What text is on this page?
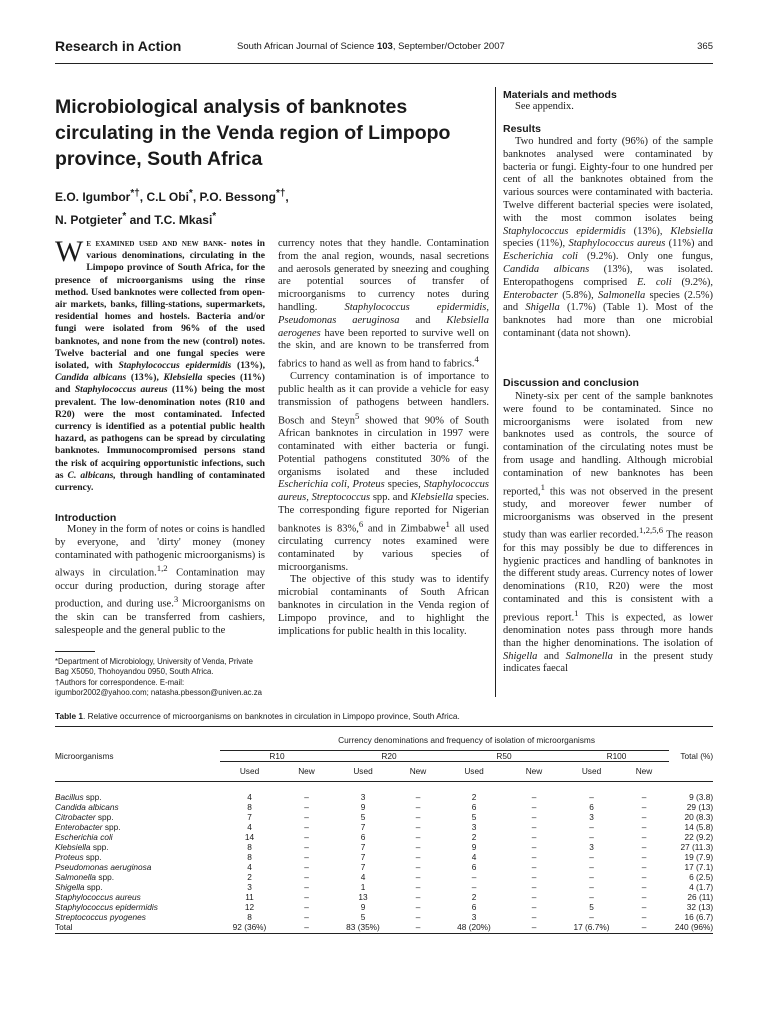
Research in Action	South African Journal of Science 103, September/October 2007	365
Microbiological analysis of banknotes circulating in the Venda region of Limpopo province, South Africa
E.O. Igumbor*†, C.L Obi*, P.O. Bessong*†,
N. Potgieter* and T.C. Mkasi*
We examined used and new bank- notes in various denominations, circulating in the Limpopo province of South Africa, for the presence of microorganisms using the rinse method. Used banknotes were collected from open-air markets, banks, filling-stations, supermarkets, residential homes and hostels. Bacteria and/or fungi were isolated from 96% of the used banknotes, and none from the new (control) notes. Twelve bacterial and one fungal species were isolated, with Staphylococcus epidermidis (13%), Candida albicans (13%), Klebsiella species (11%) and Staphylococcus aureus (11%) being the most prevalent. The low-denomination notes (R10 and R20) were the most contaminated. Infected currency is identified as a potential public health hazard, as pathogens can be spread by circulating banknotes. Immunocompromised persons stand the risk of acquiring opportunistic infections, such as C. albicans, through handling of contaminated currency.
Introduction

Money in the form of notes or coins is handled by everyone, and 'dirty' money (money contaminated with pathogenic microorganisms) is always in circulation.$^{1,2}$ Contamination may occur during production, during storage after production, and during use.$^3$ Microorganisms on the skin can be transferred from cashiers, salespeople and the general public to the

*Department of Microbiology, University of Venda, Private Bag X5050, Thohoyandou 0950, South Africa.

†Authors for correspondence. E-mail: igumbor2002@yahoo.com; natasha.pbesson@univen.ac.za

currency notes that they handle. Contamination from the anal region, wounds, nasal secretions and aerosols generated by sneezing and coughing are potential sources of transfer of microorganisms to currency notes during handling. Staphylococcus epidermidis, Pseudomonas aeruginosa and Klebsiella aerogenes have been reported to survive well on the skin, and are known to be transferred from fabrics to hand as well as from hand to fabrics.$^4$

Currency contamination is of importance to public health as it can provide a vehicle for easy transmission of pathogens between handlers. Bosch and Steyn$^5$ showed that 90% of South African banknotes in circulation in 1997 were contaminated with either bacteria or fungi. Potential pathogens constituted 30% of the organisms isolated and these included Escherichia coli, Proteus species, Staphylococcus aureus, Streptococcus spp. and Klebsiella species. The corresponding figure reported for Nigerian banknotes is 83%,$^6$ and in Zimbabwe$^1$ all used circulating currency notes examined were contaminated by various species of microorganisms.

The objective of this study was to identify microbial contaminants of South African banknotes in circulation in the Venda region of Limpopo province, and to highlight the implications for public health in this locality.

Materials and methods

See appendix.

Results

Two hundred and forty (96%) of the sample banknotes analysed were contaminated by bacteria or fungi. Eighty-four to one hundred per cent of all the banknotes obtained from the various sources were contaminated with bacteria. Twelve different bacterial species were isolated, with the most common isolates being Staphylococcus epidermidis (13%), Klebsiella species (11%), Staphylococcus aureus (11%) and Escherichia coli (9.2%). Only one fungus, Candida albicans (13%), was isolated. Enteropathogens comprised E. coli (9.2%), Enterobacter (5.8%), Salmonella species (2.5%) and Shigella (1.7%) (Table 1). Most of the banknotes had more than one microbial contaminant (data not shown).

Discussion and conclusion

Ninety-six per cent of the sample banknotes were found to be contaminated. Since no microorganisms were isolated from new banknotes used as controls, the source of contamination of the circulating notes must be from usage and handling. Although microbial contamination of new banknotes has been reported,$^1$ this was not observed in the present study, and moreover fewer number of microorganisms was observed in the present study than was earlier recorded.$^{1,2,5,6}$ The reason for this may possibly be due to differences in hygienic practices and handling of banknotes in the different study areas. Currency notes of lower denominations (R10, R20) were the most contaminated and this is consistent with a previous report.$^1$ This is expected, as lower denomination notes pass through more hands than the higher denominations. The isolation of Shigella and Salmonella in the present study indicates faecal

Table 1. Relative occurrence of microorganisms on banknotes in circulation in Limpopo province, South Africa.
	Currency denominations and frequency of isolation of microorganisms								
Microorganisms	R10		R20		R50		R100		Total (%)
	Used	New	Used	New	Used	New	Used	New	

Bacillus spp.	4	–	3	–	2	–	–	–	9 (3.8)
Candida albicans	8	–	9	–	6	–	6	–	29 (13)
Citrobacter spp.	7	–	5	–	5	–	3	–	20 (8.3)
Enterobacter spp.	4	–	7	–	3	–	–	–	14 (5.8)
Escherichia coli	14	–	6	–	2	–	–	–	22 (9.2)
Klebsiella spp.	8	–	7	–	9	–	3	–	27 (11.3)
Proteus spp.	8	–	7	–	4	–	–	–	19 (7.9)
Pseudomonas aeruginosa	4	–	7	–	6	–	–	–	17 (7.1)
Salmonella spp.	2	–	4	–	–	–	–	–	6 (2.5)
Shigella spp.	3	–	1	–	–	–	–	–	4 (1.7)
Staphylococcus aureus	11	–	13	–	2	–	–	–	26 (11)
Staphylococcus epidermidis	12	–	9	–	6	–	5	–	32 (13)
Streptococcus pyogenes	8	–	5	–	3	–	–	–	16 (6.7)
Total	92 (36%)	–	83 (35%)	–	48 (20%)	–	17 (6.7%)	–	240 (96%)
